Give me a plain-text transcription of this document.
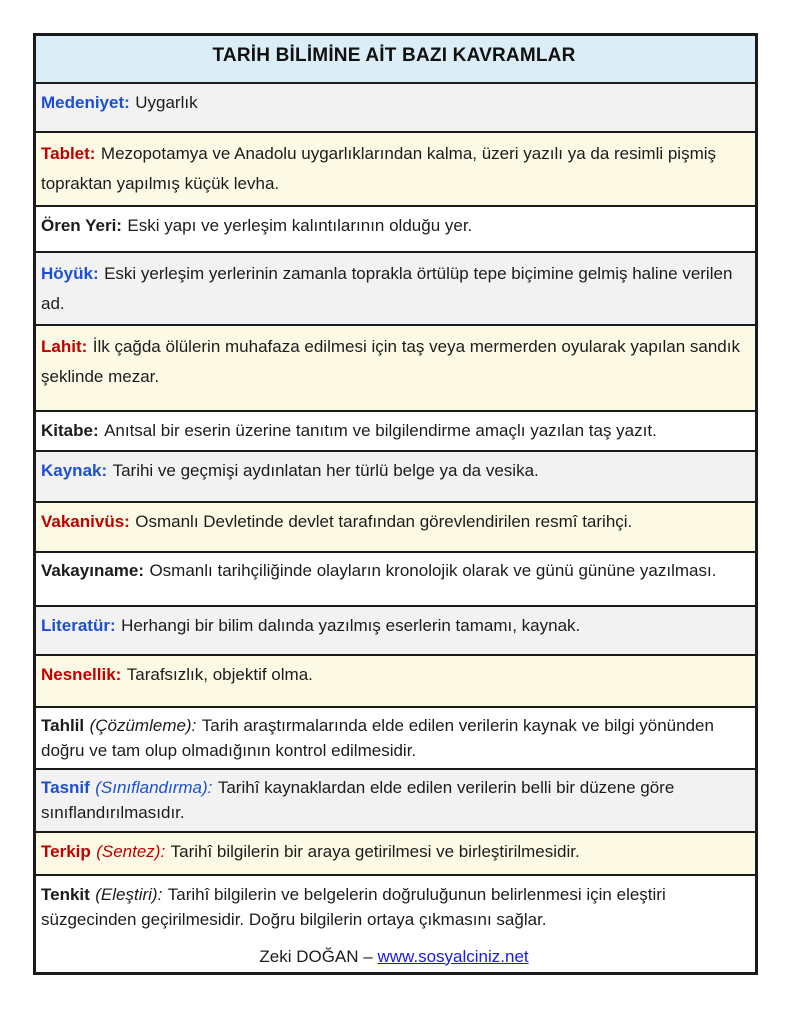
TARİH BİLİMİNE AİT BAZI KAVRAMLAR

Medeniyet: Uygarlık

Tablet: Mezopotamya ve Anadolu uygarlıklarından kalma, üzeri yazılı ya da resimli pişmiş topraktan yapılmış küçük levha.

Ören Yeri: Eski yapı ve yerleşim kalıntılarının olduğu yer.

Höyük: Eski yerleşim yerlerinin zamanla toprakla örtülüp tepe biçimine gelmiş haline verilen ad.

Lahit: İlk çağda ölülerin muhafaza edilmesi için taş veya mermerden oyularak yapılan sandık şeklinde mezar.

Kitabe: Anıtsal bir eserin üzerine tanıtım ve bilgilendirme amaçlı yazılan taş yazıt.

Kaynak: Tarihi ve geçmişi aydınlatan her türlü belge ya da vesika.

Vakanivüs: Osmanlı Devletinde devlet tarafından görevlendirilen resmî tarihçi.

Vakayıname: Osmanlı tarihçiliğinde olayların kronolojik olarak ve günü gününe yazılması.

Literatür: Herhangi bir bilim dalında yazılmış eserlerin tamamı, kaynak.

Nesnellik: Tarafsızlık, objektif olma.

Tahlil (Çözümleme): Tarih araştırmalarında elde edilen verilerin kaynak ve bilgi yönünden doğru ve tam olup olmadığının kontrol edilmesidir.

Tasnif (Sınıflandırma): Tarihî kaynaklardan elde edilen verilerin belli bir düzene göre sınıflandırılmasıdır.

Terkip (Sentez): Tarihî bilgilerin bir araya getirilmesi ve birleştirilmesidir.

Tenkit (Eleştiri): Tarihî bilgilerin ve belgelerin doğruluğunun belirlenmesi için eleştiri süzgecinden geçirilmesidir. Doğru bilgilerin ortaya çıkmasını sağlar.

Zeki DOĞAN – www.sosyalciniz.net
